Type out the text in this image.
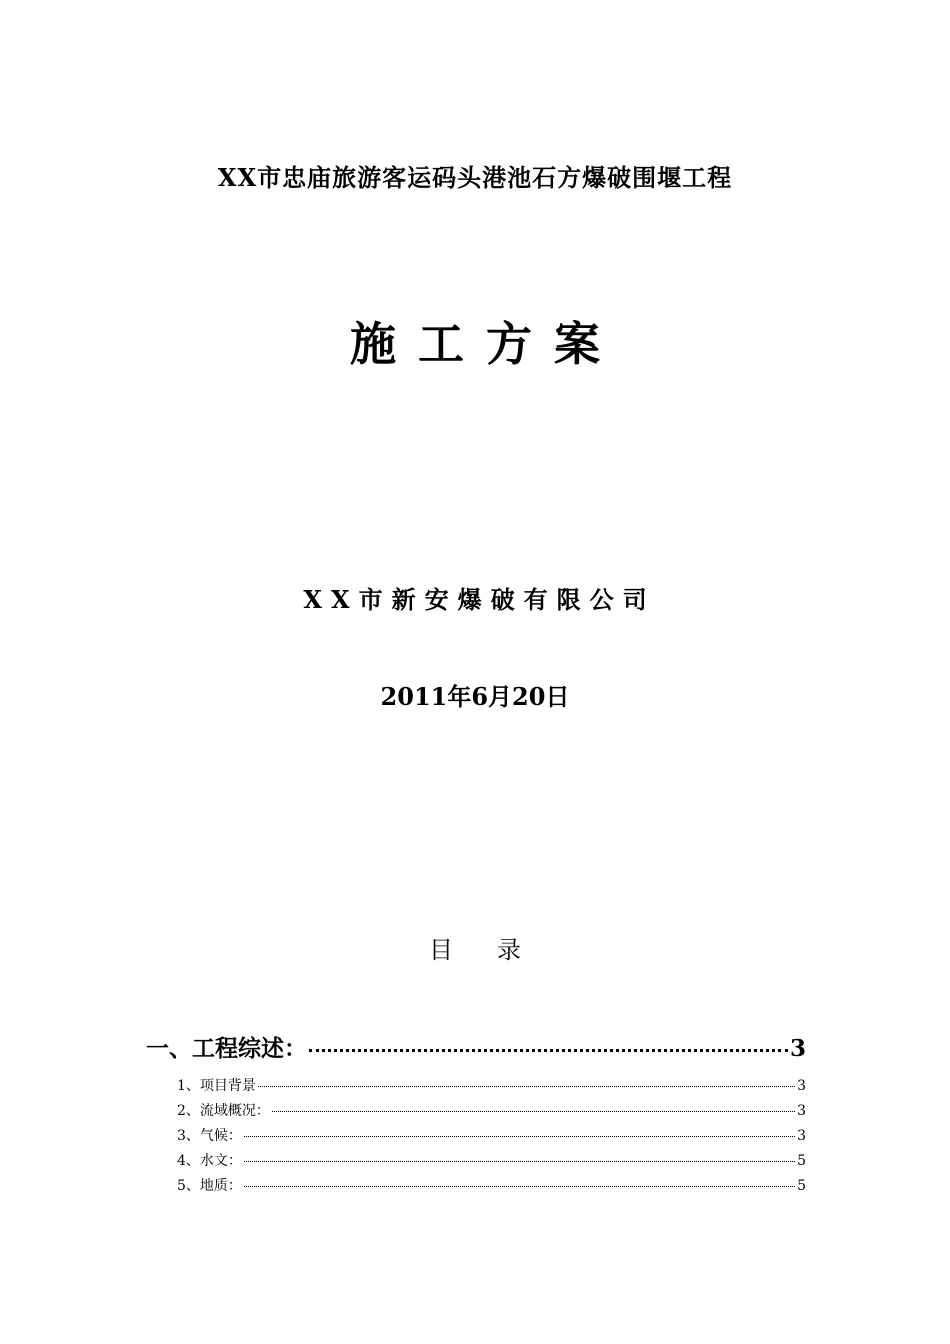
XX市忠庙旅游客运码头港池石方爆破围堰工程
施工方案
XX市新安爆破有限公司
2011年6月20日
目录
一、工程综述：	3
1、项目背景	3
2、流域概况：	3
3、气候：	3
4、水文：	5
5、地质：	5
